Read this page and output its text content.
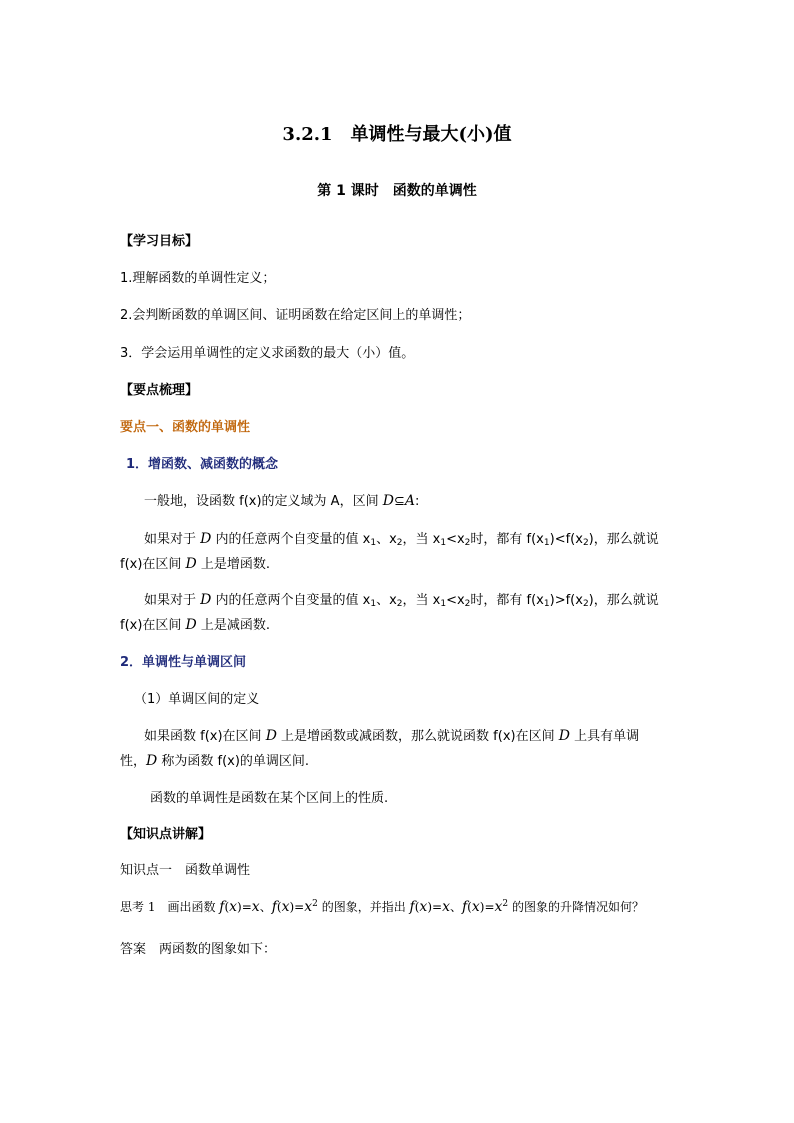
3.2.1　单调性与最大(小)值
第 1 课时　函数的单调性
【学习目标】
1.理解函数的单调性定义；
2.会判断函数的单调区间、证明函数在给定区间上的单调性；
3．学会运用单调性的定义求函数的最大（小）值。
【要点梳理】
要点一、函数的单调性
1．增函数、减函数的概念
一般地，设函数 f(x)的定义域为 A，区间 D⊆A:
如果对于 D 内的任意两个自变量的值 $x_1$、$x_2$，当 $x_1<x_2$时，都有 $f(x_1)<f(x_2)$，那么就说
f(x)在区间 D 上是增函数.
如果对于 D 内的任意两个自变量的值 $x_1$、$x_2$，当 $x_1<x_2$时，都有 $f(x_1)>f(x_2)$，那么就说
f(x)在区间 D 上是减函数.
2．单调性与单调区间
（1）单调区间的定义
如果函数 f(x)在区间 D 上是增函数或减函数，那么就说函数 f(x)在区间 D 上具有单调
性，D 称为函数 f(x)的单调区间.
函数的单调性是函数在某个区间上的性质.
【知识点讲解】
知识点一　函数单调性
思考 1　画出函数 f(x)=x、$f(x)=x^2$ 的图象，并指出 f(x)=x、$f(x)=x^2$ 的图象的升降情况如何？
答案　两函数的图象如下：
